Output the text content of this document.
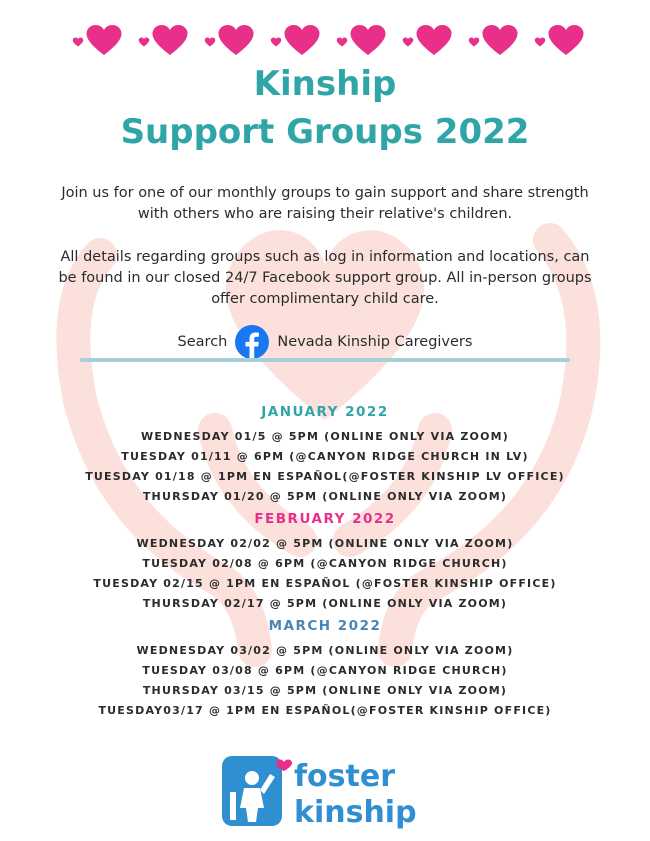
Kinship
Support Groups 2022

Join us for one of our monthly groups to gain support and share strength with others who are raising their relative's children.

All details regarding groups such as log in information and locations, can be found in our closed 24/7 Facebook support group. All in-person groups offer complimentary child care.

Search	Nevada Kinship Caregivers
JANUARY 2022
WEDNESDAY 01/5 @ 5PM (ONLINE ONLY VIA ZOOM)
TUESDAY 01/11 @ 6PM (@CANYON RIDGE CHURCH IN LV)
TUESDAY 01/18 @ 1PM EN ESPAÑOL(@FOSTER KINSHIP LV OFFICE)
THURSDAY 01/20 @ 5PM (ONLINE ONLY VIA ZOOM)
FEBRUARY 2022
WEDNESDAY 02/02 @ 5PM (ONLINE ONLY VIA ZOOM)
TUESDAY 02/08 @ 6PM (@CANYON RIDGE CHURCH)
TUESDAY 02/15 @ 1PM EN ESPAÑOL (@FOSTER KINSHIP OFFICE)
THURSDAY 02/17 @ 5PM (ONLINE ONLY VIA ZOOM)
MARCH 2022
WEDNESDAY 03/02 @ 5PM (ONLINE ONLY VIA ZOOM)
TUESDAY 03/08 @ 6PM (@CANYON RIDGE CHURCH)
THURSDAY 03/15 @ 5PM (ONLINE ONLY VIA ZOOM)
TUESDAY03/17 @ 1PM EN ESPAÑOL(@FOSTER KINSHIP OFFICE)
foster
kinship
